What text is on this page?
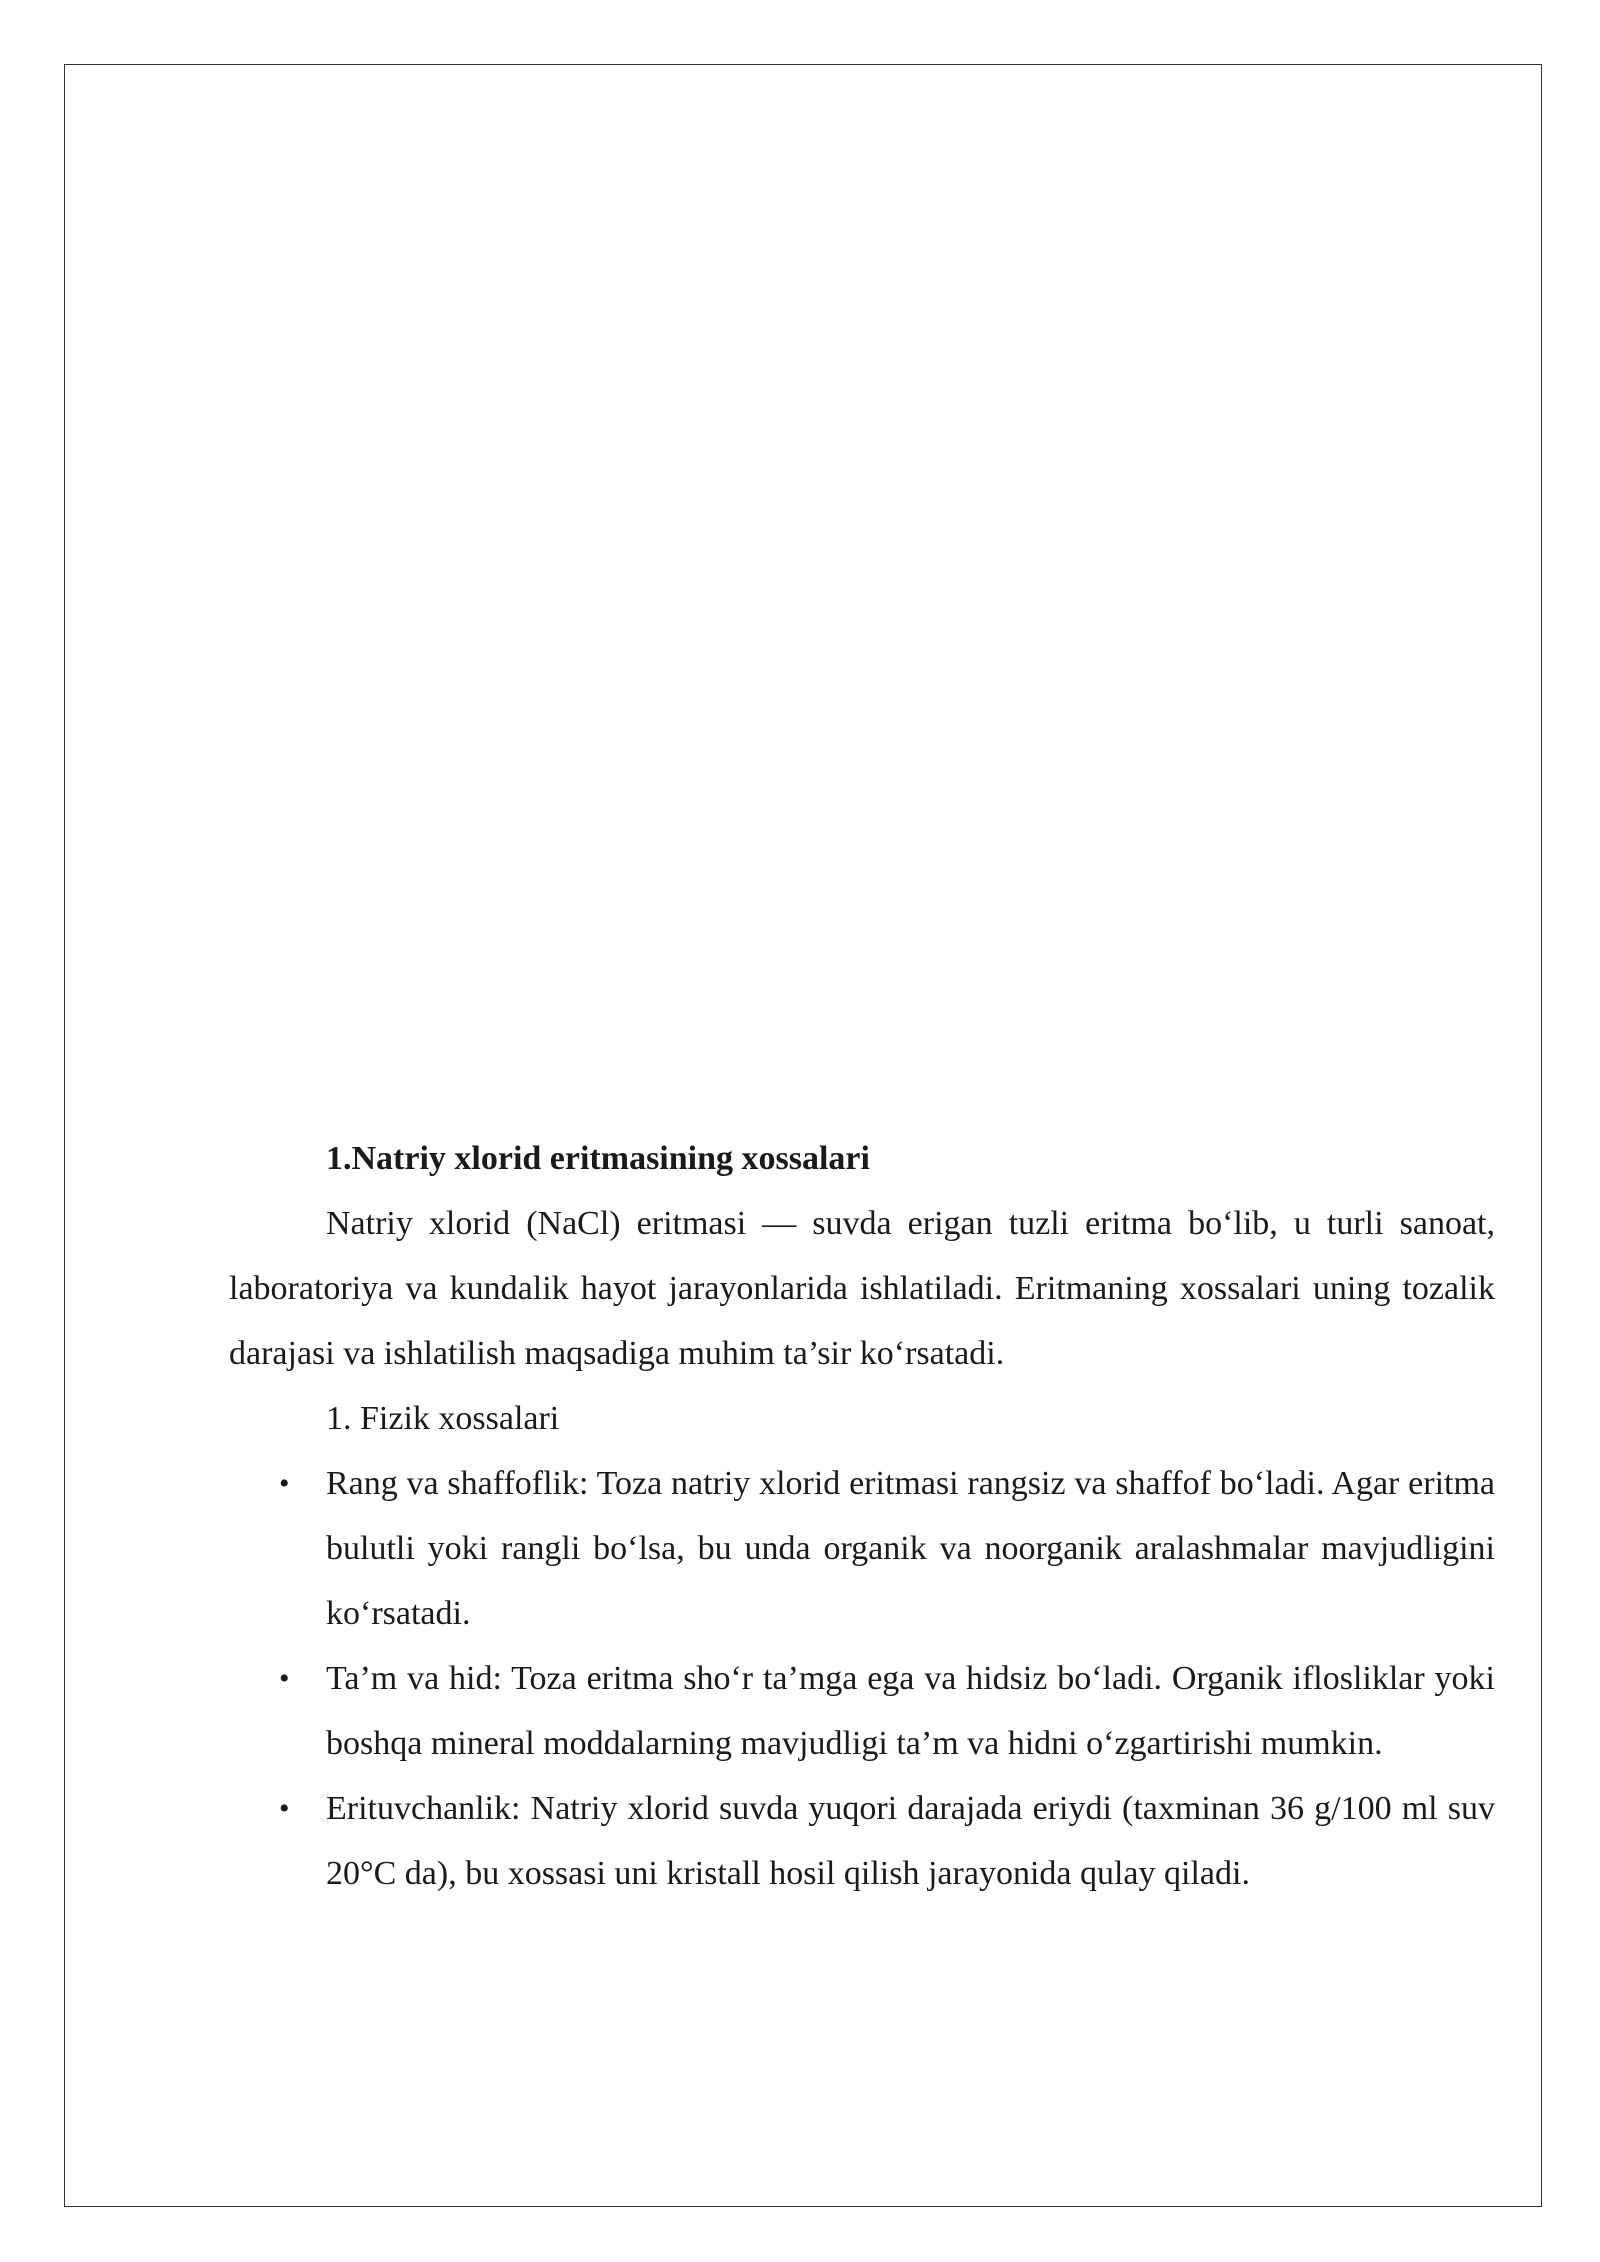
1.Natriy xlorid eritmasining xossalari

Natriy xlorid (NaCl) eritmasi — suvda erigan tuzli eritma bo‘lib, u turli sanoat, laboratoriya va kundalik hayot jarayonlarida ishlatiladi. Eritmaning xossalari uning tozalik darajasi va ishlatilish maqsadiga muhim ta’sir ko‘rsatadi.

1. Fizik xossalari

• Rang va shaffoflik: Toza natriy xlorid eritmasi rangsiz va shaffof bo‘ladi. Agar eritma bulutli yoki rangli bo‘lsa, bu unda organik va noorganik aralashmalar mavjudligini ko‘rsatadi.
• Ta’m va hid: Toza eritma sho‘r ta’mga ega va hidsiz bo‘ladi. Organik iflosliklar yoki boshqa mineral moddalarning mavjudligi ta’m va hidni o‘zgartirishi mumkin.
• Erituvchanlik: Natriy xlorid suvda yuqori darajada eriydi (taxminan 36 g/100 ml suv 20°C da), bu xossasi uni kristall hosil qilish jarayonida qulay qiladi.
